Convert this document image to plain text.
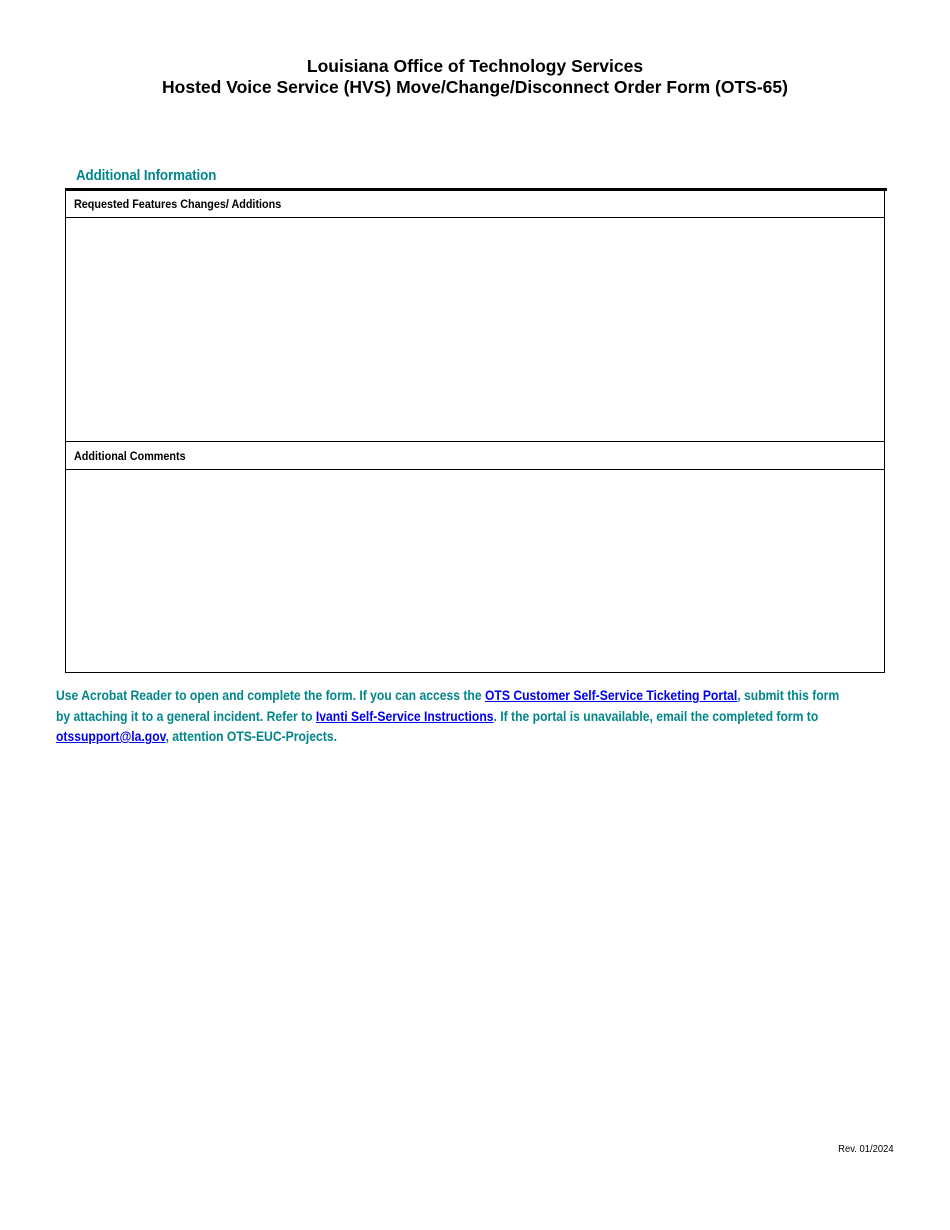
Louisiana Office of Technology Services
Hosted Voice Service (HVS) Move/Change/Disconnect Order Form (OTS-65)
Additional Information
Requested Features Changes/ Additions
Additional Comments
Use Acrobat Reader to open and complete the form. If you can access the OTS Customer Self-Service Ticketing Portal, submit this form
by attaching it to a general incident. Refer to Ivanti Self-Service Instructions. If the portal is unavailable, email the completed form to
otssupport@la.gov, attention OTS-EUC-Projects.
Rev. 01/2024
